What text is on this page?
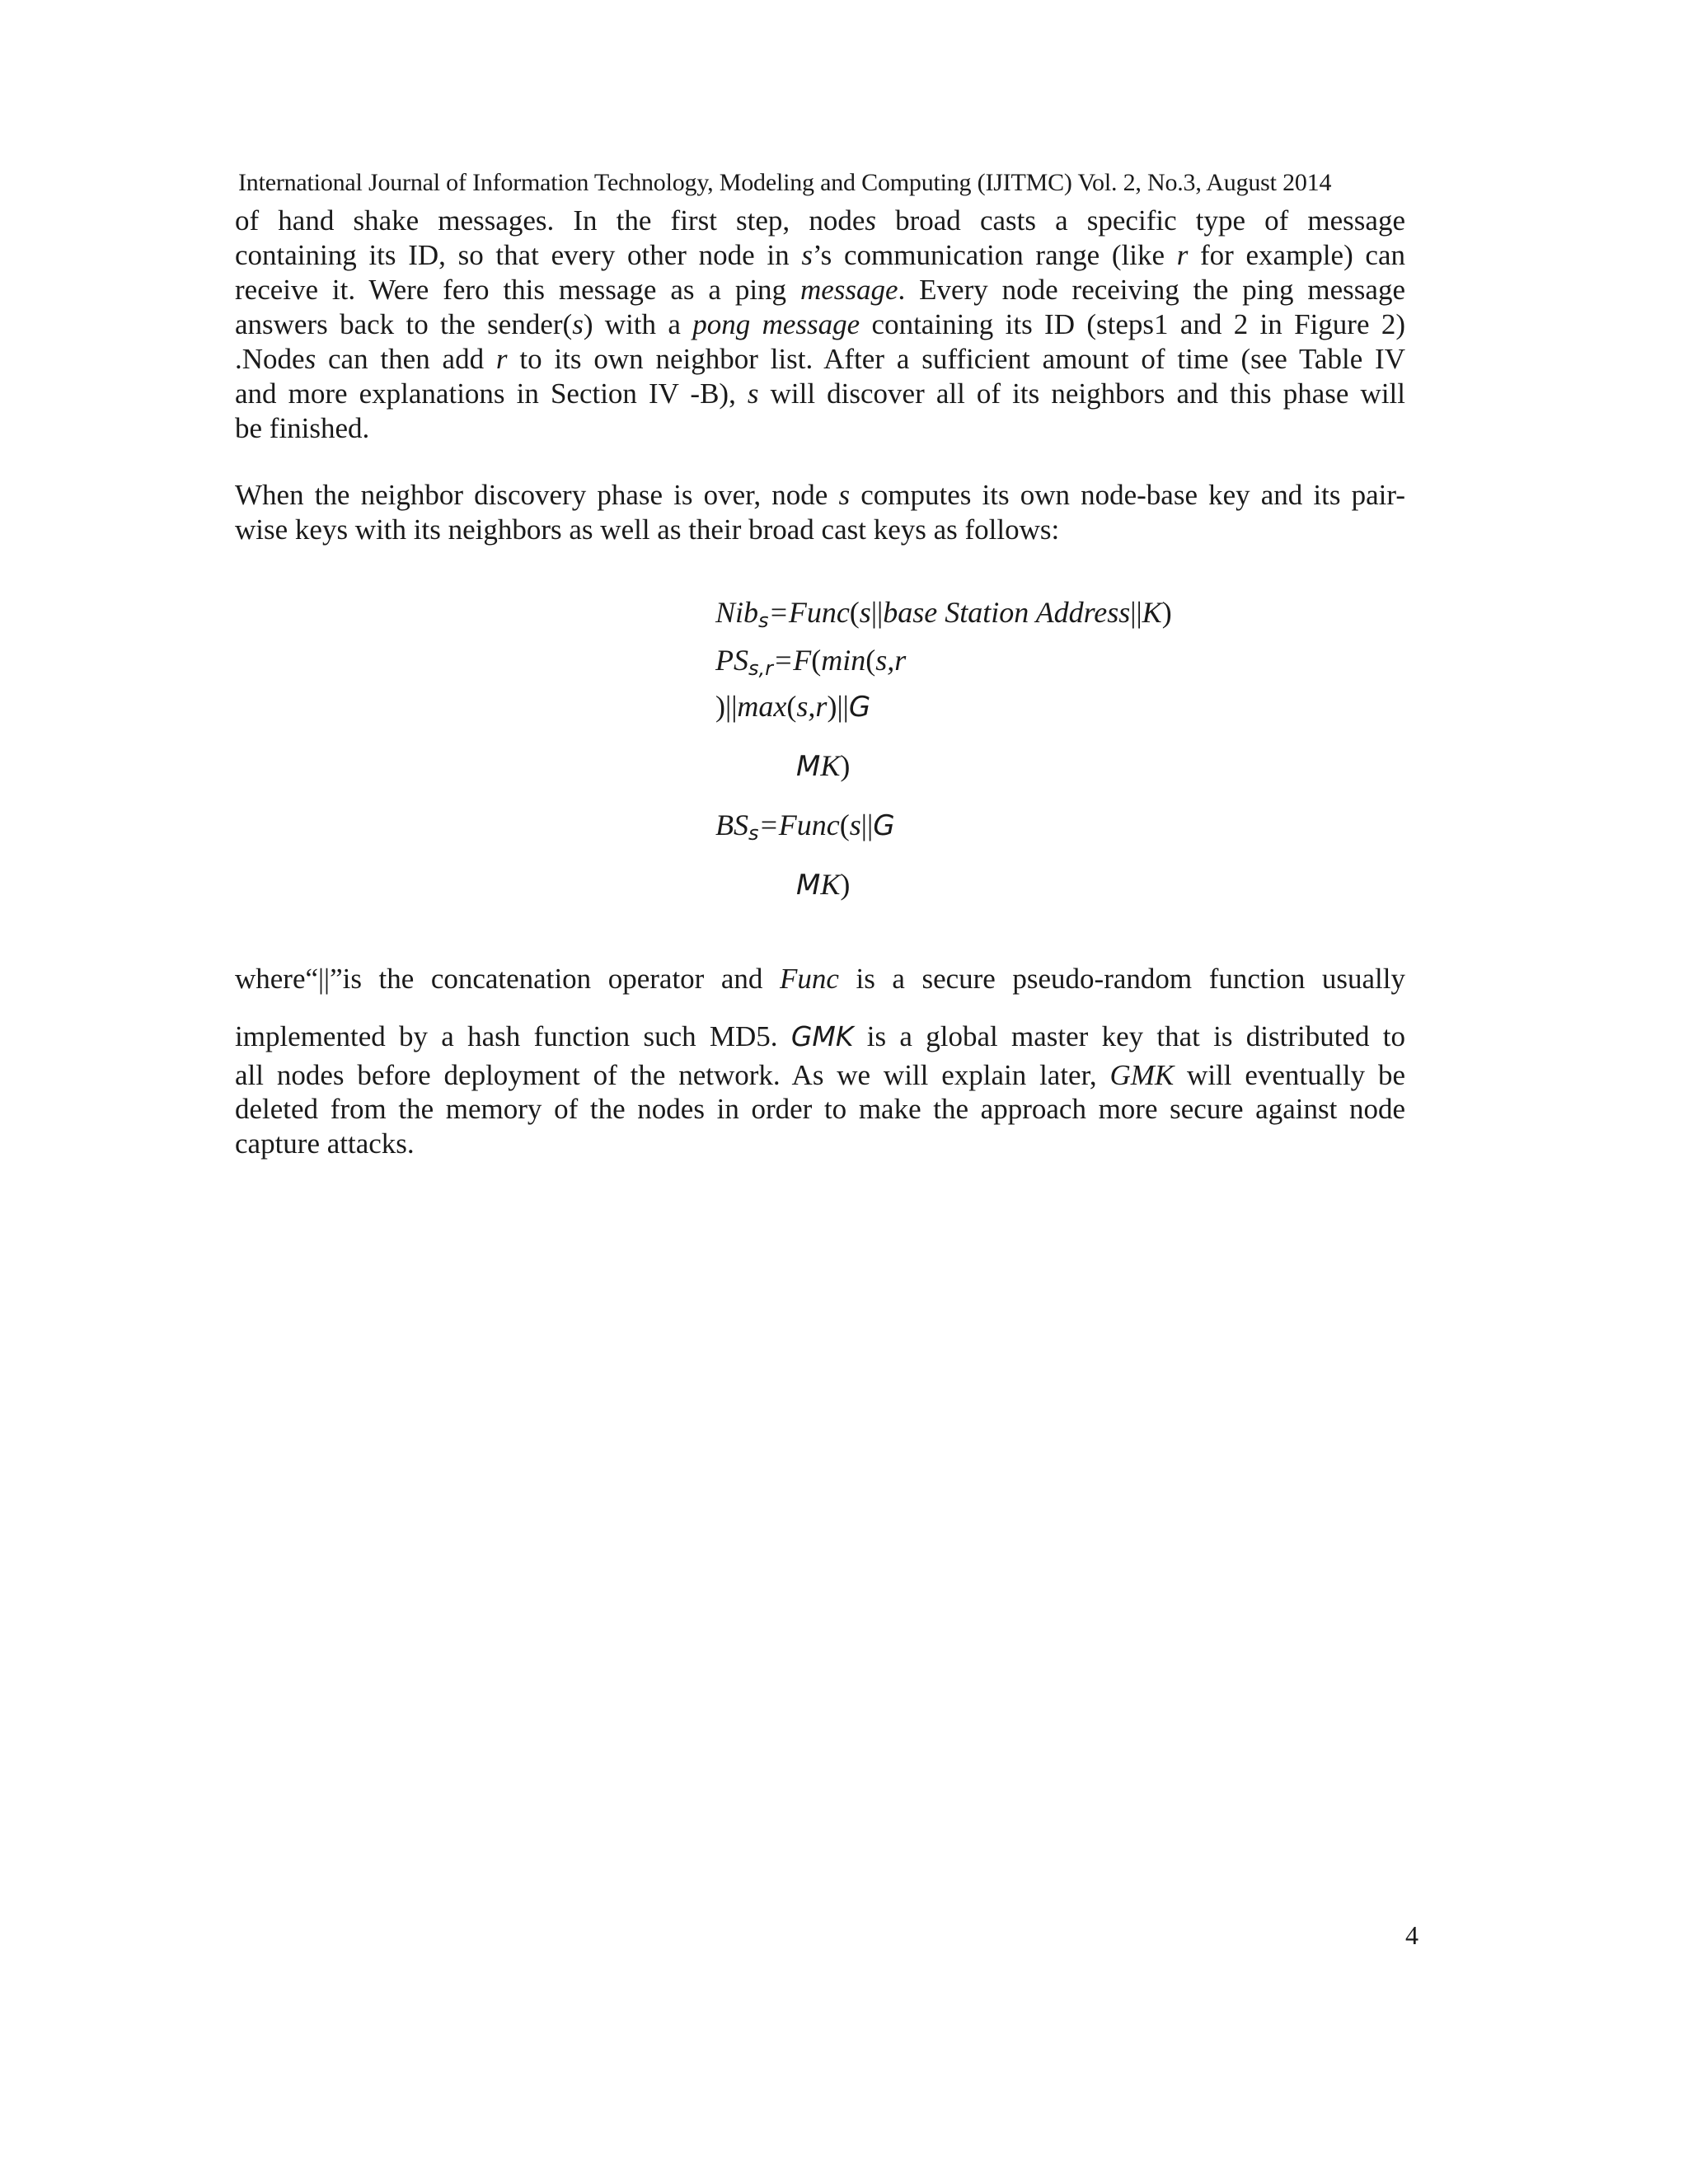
International Journal of Information Technology, Modeling and Computing (IJITMC) Vol. 2, No.3, August 2014
of hand shake messages. In the first step, nodes broad casts a specific type of message
containing its ID, so that every other node in s’s communication range (like r for example) can
receive it. Were fero this message as a ping message. Every node receiving the ping message
answers back to the sender(s) with a pong message containing its ID (steps1 and 2 in Figure 2)
.Nodes can then add r to its own neighbor list. After a sufficient amount of time (see Table IV
and more explanations in Section IV -B), s will discover all of its neighbors and this phase will
be finished.
When the neighbor discovery phase is over, node s computes its own node-base key and its pair-
wise keys with its neighbors as well as their broad cast keys as follows:
Nib$_s$=Func(s||base Station Address||K)
$PS_{s,r}=F(\min(s,r$
)||max(s,r)||G
MK)
$BS_s=Func(s||G$
MK)
where“||”is the concatenation operator and Func is a secure pseudo-random function usually
implemented by a hash function such MD5. GMK is a global master key that is distributed to
all nodes before deployment of the network. As we will explain later, GMK will eventually be
deleted from the memory of the nodes in order to make the approach more secure against node
capture attacks.
4
